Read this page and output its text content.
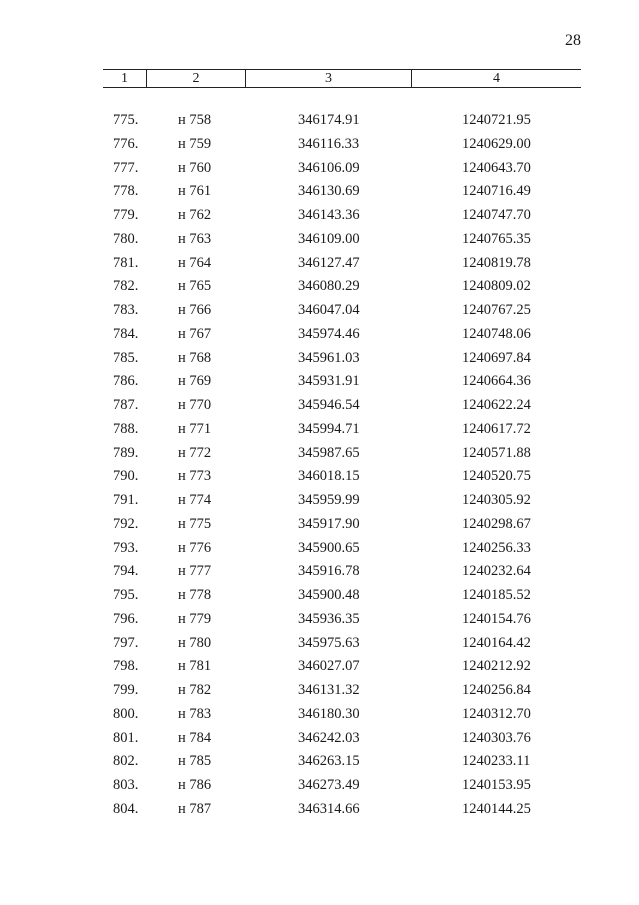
28
1	2	3	4
775.	н 758	346174.91	1240721.95
776.	н 759	346116.33	1240629.00
777.	н 760	346106.09	1240643.70
778.	н 761	346130.69	1240716.49
779.	н 762	346143.36	1240747.70
780.	н 763	346109.00	1240765.35
781.	н 764	346127.47	1240819.78
782.	н 765	346080.29	1240809.02
783.	н 766	346047.04	1240767.25
784.	н 767	345974.46	1240748.06
785.	н 768	345961.03	1240697.84
786.	н 769	345931.91	1240664.36
787.	н 770	345946.54	1240622.24
788.	н 771	345994.71	1240617.72
789.	н 772	345987.65	1240571.88
790.	н 773	346018.15	1240520.75
791.	н 774	345959.99	1240305.92
792.	н 775	345917.90	1240298.67
793.	н 776	345900.65	1240256.33
794.	н 777	345916.78	1240232.64
795.	н 778	345900.48	1240185.52
796.	н 779	345936.35	1240154.76
797.	н 780	345975.63	1240164.42
798.	н 781	346027.07	1240212.92
799.	н 782	346131.32	1240256.84
800.	н 783	346180.30	1240312.70
801.	н 784	346242.03	1240303.76
802.	н 785	346263.15	1240233.11
803.	н 786	346273.49	1240153.95
804.	н 787	346314.66	1240144.25
